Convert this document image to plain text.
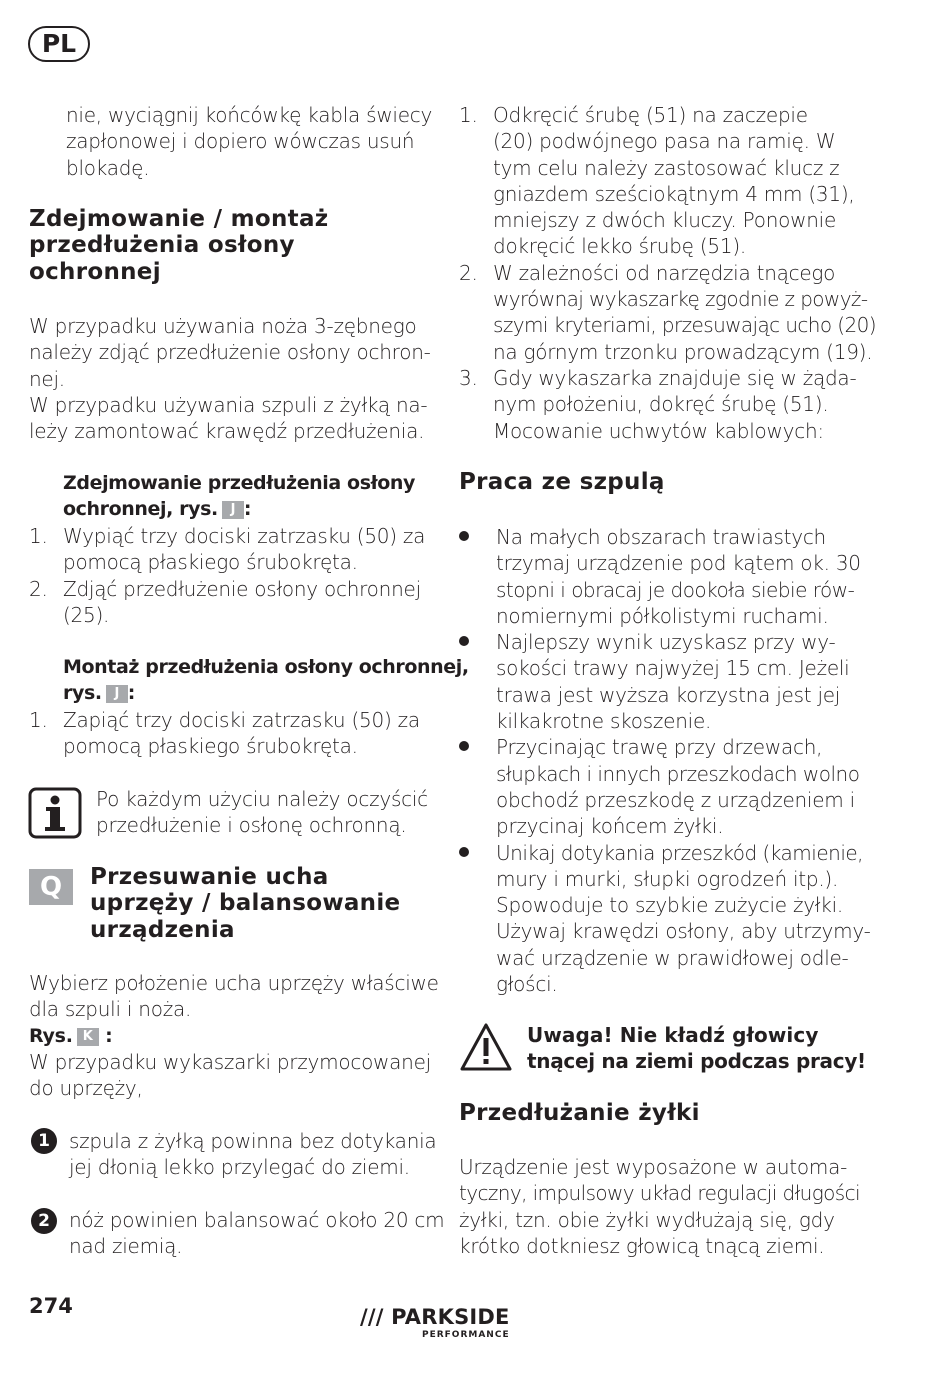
PL
nie, wyciągnij końcówkę kabla świecy
zapłonowej i dopiero wówczas usuń
blokadę.
Zdejmowanie / montaż
przedłużenia osłony
ochronnej
W przypadku używania noża 3-zębnego
należy zdjąć przedłużenie osłony ochron-
nej.
W przypadku używania szpuli z żyłką na-
leży zamontować krawędź przedłużenia.
Zdejmowanie przedłużenia osłony
ochronnej, rys. J :
1. Wypiąć trzy dociski zatrzasku (50) za
pomocą płaskiego śrubokręta.
2. Zdjąć przedłużenie osłony ochronnej
(25).
Montaż przedłużenia osłony ochronnej,
rys. J :
1. Zapiąć trzy dociski zatrzasku (50) za
pomocą płaskiego śrubokręta.
Po każdym użyciu należy oczyścić
przedłużenie i osłonę ochronną.
Q	Przesuwanie ucha
uprzęży / balansowanie
urządzenia
Wybierz położenie ucha uprzęży właściwe
dla szpuli i noża.
Rys. K :
W przypadku wykaszarki przymocowanej
do uprzęży,
1 szpula z żyłką powinna bez dotykania
jej dłonią lekko przylegać do ziemi.
2 nóż powinien balansować około 20 cm
nad ziemią.
1. Odkręcić śrubę (51) na zaczepie
(20) podwójnego pasa na ramię. W
tym celu należy zastosować klucz z
gniazdem sześciokątnym 4 mm (31),
mniejszy z dwóch kluczy. Ponownie
dokręcić lekko śrubę (51).
2. W zależności od narzędzia tnącego
wyrównaj wykaszarkę zgodnie z powyż-
szymi kryteriami, przesuwając ucho (20)
na górnym trzonku prowadzącym (19).
3. Gdy wykaszarka znajduje się w żąda-
nym położeniu, dokręć śrubę (51).
Mocowanie uchwytów kablowych:
Praca ze szpulą
Na małych obszarach trawiastych
trzymaj urządzenie pod kątem ok. 30
stopni i obracaj je dookoła siebie rów-
nomiernymi półkolistymi ruchami.
Najlepszy wynik uzyskasz przy wy-
sokości trawy najwyżej 15 cm. Jeżeli
trawa jest wyższa korzystna jest jej
kilkakrotne skoszenie.
Przycinając trawę przy drzewach,
słupkach i innych przeszkodach wolno
obchodź przeszkodę z urządzeniem i
przycinaj końcem żyłki.
Unikaj dotykania przeszkód (kamienie,
mury i murki, słupki ogrodzeń itp.).
Spowoduje to szybkie zużycie żyłki.
Używaj krawędzi osłony, aby utrzymy-
wać urządzenie w prawidłowej odle-
głości.
Uwaga! Nie kładź głowicy
tnącej na ziemi podczas pracy!
Przedłużanie żyłki
Urządzenie jest wyposażone w automa-
tyczny, impulsowy układ regulacji długości
żyłki, tzn. obie żyłki wydłużają się, gdy
krótko dotkniesz głowicą tnącą ziemi.
274	/// PARKSIDE
PERFORMANCE
